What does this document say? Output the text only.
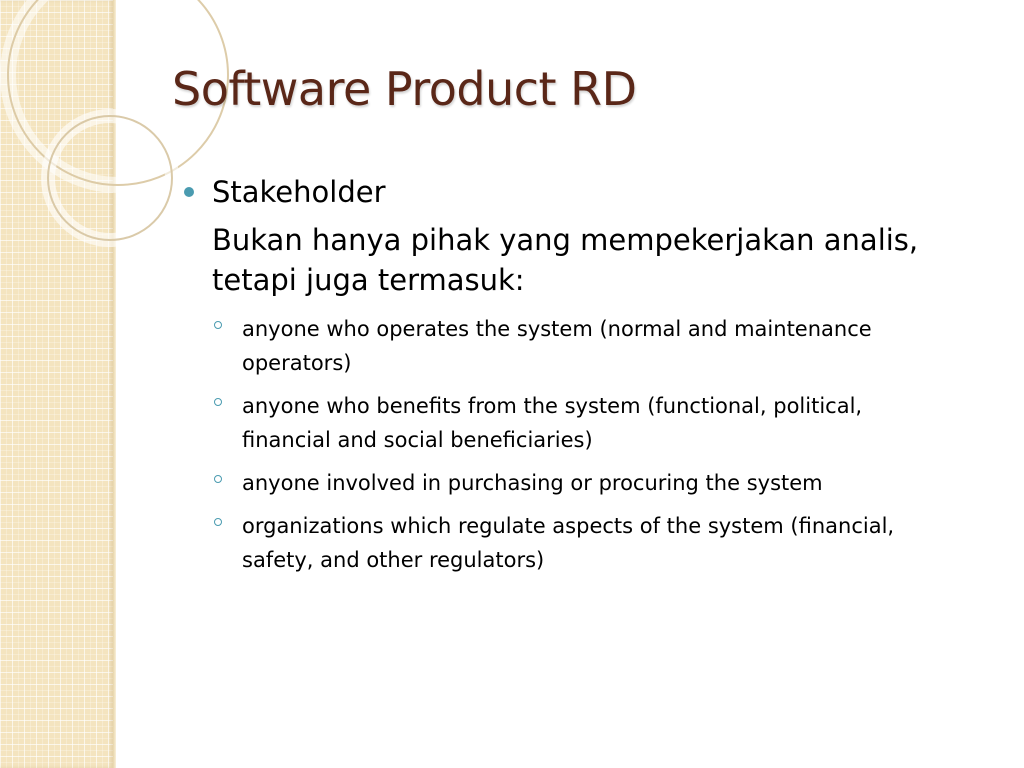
Software Product RD
Stakeholder
Bukan hanya pihak yang mempekerjakan analis, tetapi juga termasuk:
anyone who operates the system (normal and maintenance operators)
anyone who benefits from the system (functional, political, financial and social beneficiaries)
anyone involved in purchasing or procuring the system
organizations which regulate aspects of the system (financial, safety, and other regulators)
